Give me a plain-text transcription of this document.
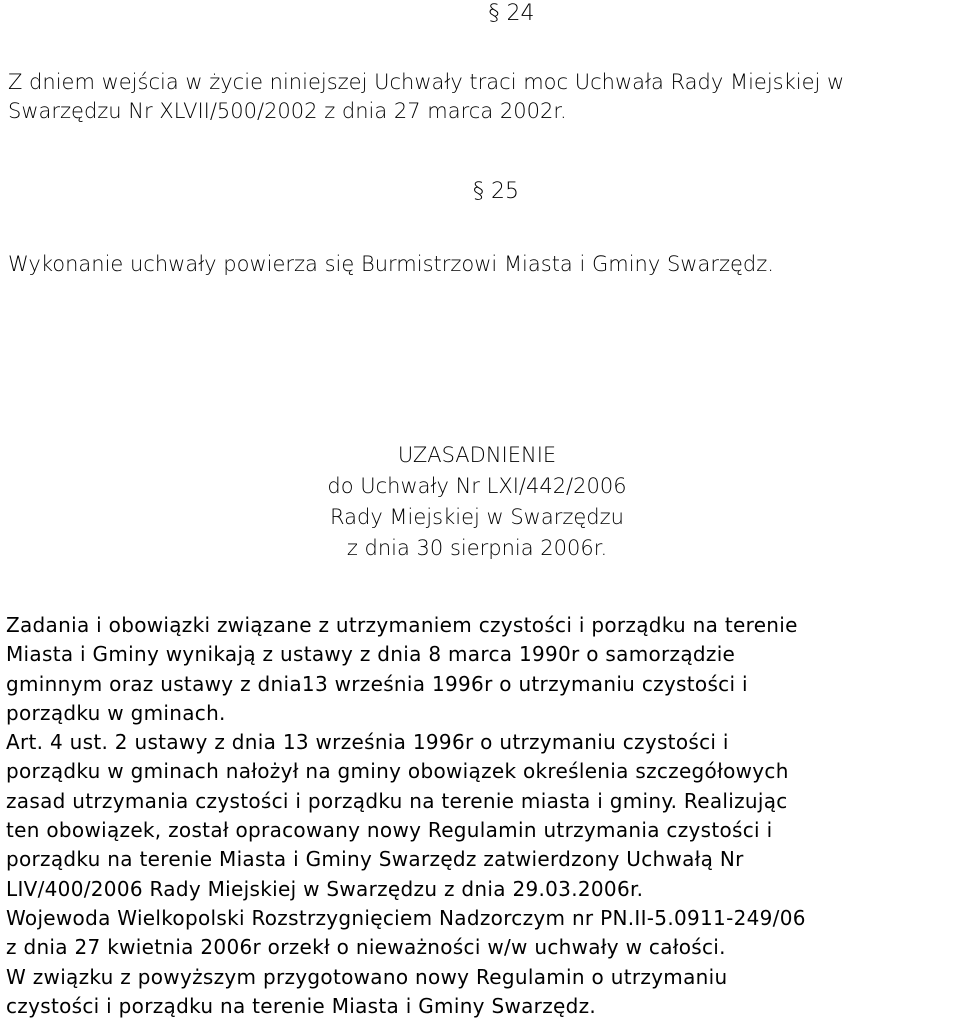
§ 24
Z dniem wejścia w życie niniejszej Uchwały traci moc Uchwała Rady Miejskiej w
Swarzędzu Nr XLVII/500/2002 z dnia 27 marca 2002r.
§ 25
Wykonanie uchwały powierza się Burmistrzowi Miasta i Gminy Swarzędz.
UZASADNIENIE
do Uchwały Nr LXI/442/2006
Rady Miejskiej w Swarzędzu
z dnia 30 sierpnia 2006r.
Zadania i obowiązki związane z utrzymaniem czystości i porządku na terenie
Miasta i Gminy wynikają z ustawy z dnia 8 marca 1990r o samorządzie
gminnym oraz ustawy z dnia13 września 1996r o utrzymaniu czystości i
porządku w gminach.
Art. 4 ust. 2 ustawy z dnia 13 września 1996r o utrzymaniu czystości i
porządku w gminach nałożył na gminy obowiązek określenia szczegółowych
zasad utrzymania czystości i porządku na terenie miasta i gminy. Realizując
ten obowiązek, został opracowany nowy Regulamin utrzymania czystości i
porządku na terenie Miasta i Gminy Swarzędz zatwierdzony Uchwałą Nr
LIV/400/2006 Rady Miejskiej w Swarzędzu z dnia 29.03.2006r.
Wojewoda Wielkopolski Rozstrzygnięciem Nadzorczym nr PN.II-5.0911-249/06
z dnia 27 kwietnia 2006r orzekł o nieważności w/w uchwały w całości.
W związku z powyższym przygotowano nowy Regulamin o utrzymaniu
czystości i porządku na terenie Miasta i Gminy Swarzędz.
